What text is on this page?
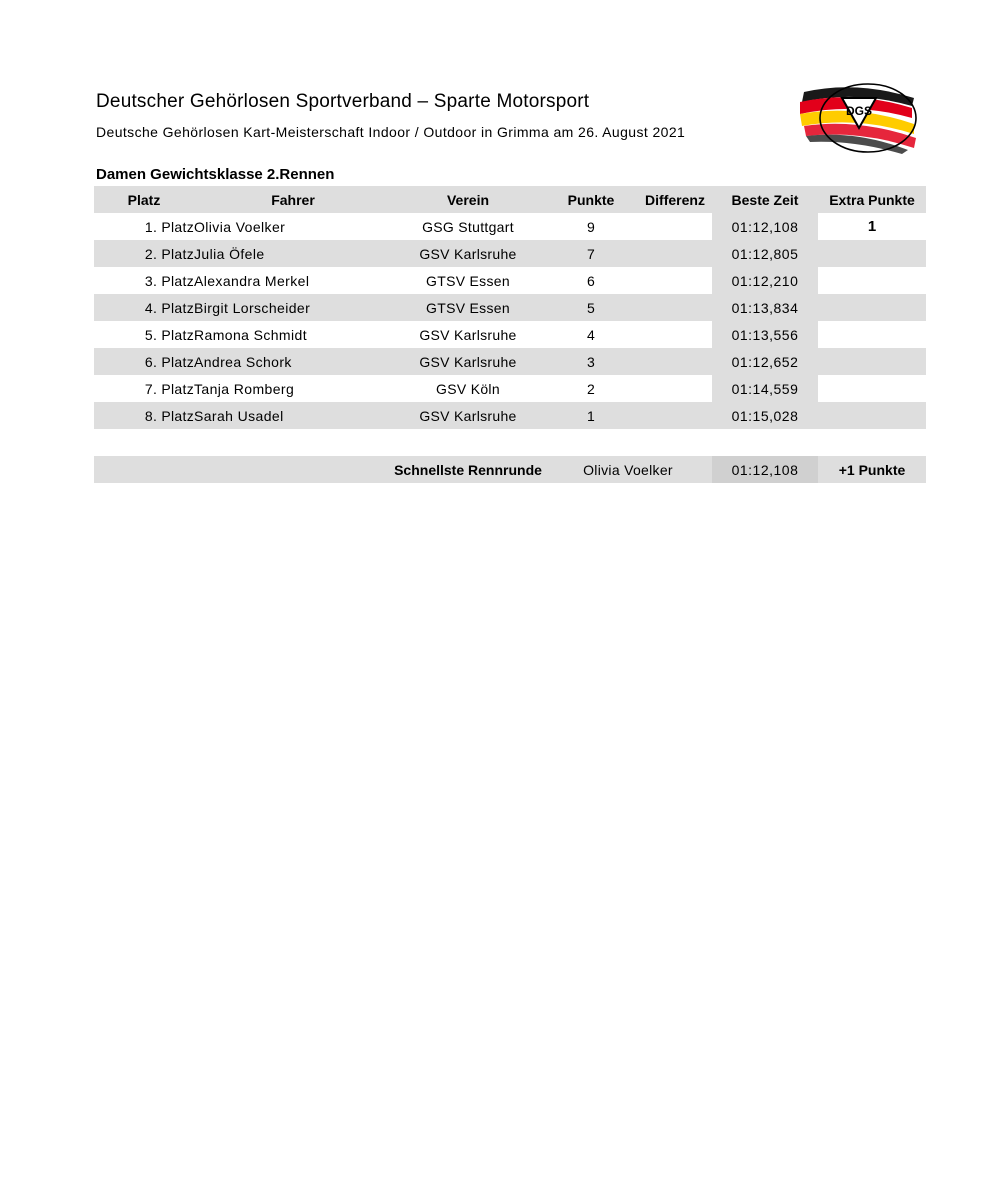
Deutscher Gehörlosen Sportverband – Sparte Motorsport
Deutsche Gehörlosen Kart-Meisterschaft Indoor / Outdoor in Grimma am 26. August 2021
DGS
Damen Gewichtsklasse 2.Rennen
Platz	Fahrer	Verein	Punkte	Differenz	Beste Zeit	Extra Punkte
1. Platz	Olivia Voelker	GSG Stuttgart	9		01:12,108	1
2. Platz	Julia Öfele	GSV Karlsruhe	7		01:12,805	
3. Platz	Alexandra Merkel	GTSV Essen	6		01:12,210	
4. Platz	Birgit Lorscheider	GTSV Essen	5		01:13,834	
5. Platz	Ramona Schmidt	GSV Karlsruhe	4		01:13,556	
6. Platz	Andrea Schork	GSV Karlsruhe	3		01:12,652	
7. Platz	Tanja Romberg	GSV Köln	2		01:14,559	
8. Platz	Sarah Usadel	GSV Karlsruhe	1		01:15,028	

		Schnellste Rennrunde	Olivia Voelker		01:12,108	+1 Punkte
